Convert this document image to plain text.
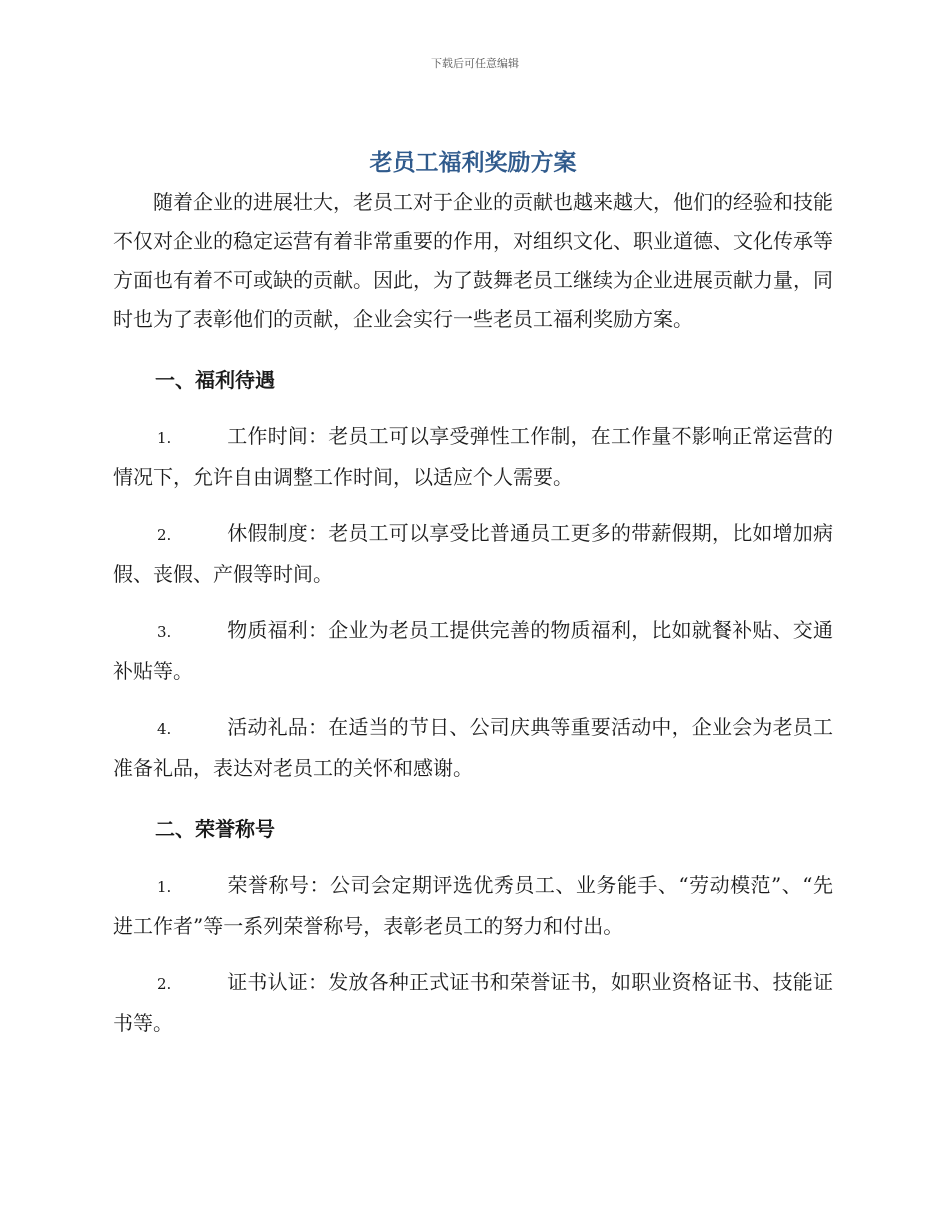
下载后可任意编辑
老员工福利奖励方案

随着企业的进展壮大，老员工对于企业的贡献也越来越大，他们的经验和技能不仅对企业的稳定运营有着非常重要的作用，对组织文化、职业道德、文化传承等方面也有着不可或缺的贡献。因此，为了鼓舞老员工继续为企业进展贡献力量，同时也为了表彰他们的贡献，企业会实行一些老员工福利奖励方案。

一、福利待遇

1.	工作时间：老员工可以享受弹性工作制，在工作量不影响正常运营的情况下，允许自由调整工作时间，以适应个人需要。

2.	休假制度：老员工可以享受比普通员工更多的带薪假期，比如增加病假、丧假、产假等时间。

3.	物质福利：企业为老员工提供完善的物质福利，比如就餐补贴、交通补贴等。

4.	活动礼品：在适当的节日、公司庆典等重要活动中，企业会为老员工准备礼品，表达对老员工的关怀和感谢。

二、荣誉称号

1.	荣誉称号：公司会定期评选优秀员工、业务能手、“劳动模范”、“先进工作者”等一系列荣誉称号，表彰老员工的努力和付出。

2.	证书认证：发放各种正式证书和荣誉证书，如职业资格证书、技能证书等。
